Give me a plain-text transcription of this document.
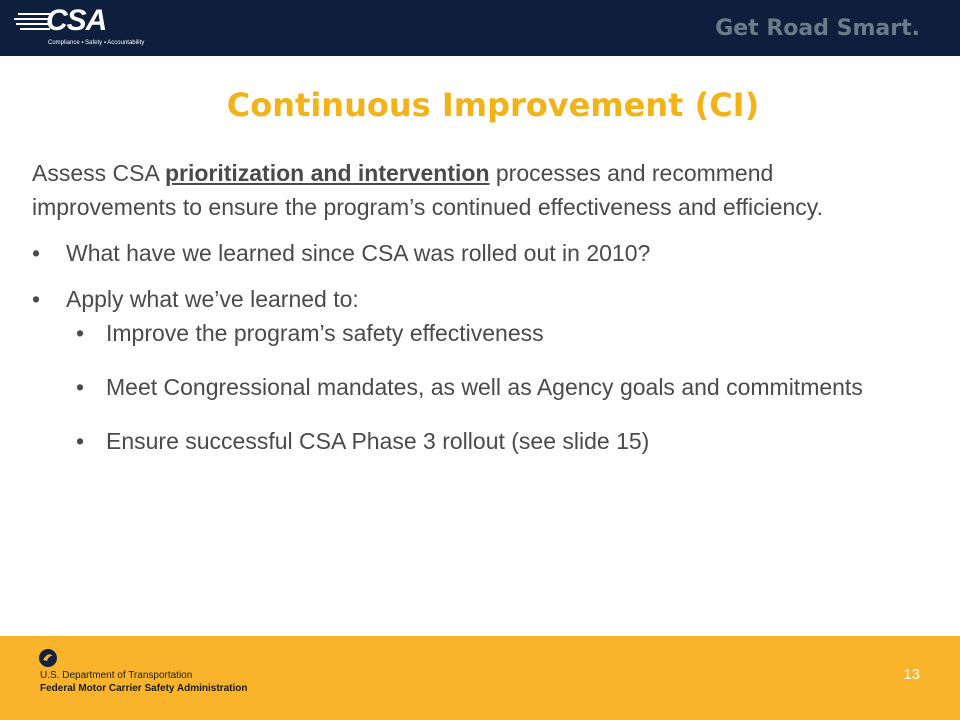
CSA
Compliance ▪ Safety ▪ Accountability
Get Road Smart.
Continuous Improvement (CI)

Assess CSA prioritization and intervention processes and recommend improvements to ensure the program’s continued effectiveness and efficiency.

• What have we learned since CSA was rolled out in 2010?
• Apply what we’ve learned to:
• Improve the program’s safety effectiveness
• Meet Congressional mandates, as well as Agency goals and commitments
• Ensure successful CSA Phase 3 rollout (see slide 15)
U.S. Department of Transportation
Federal Motor Carrier Safety Administration
13
